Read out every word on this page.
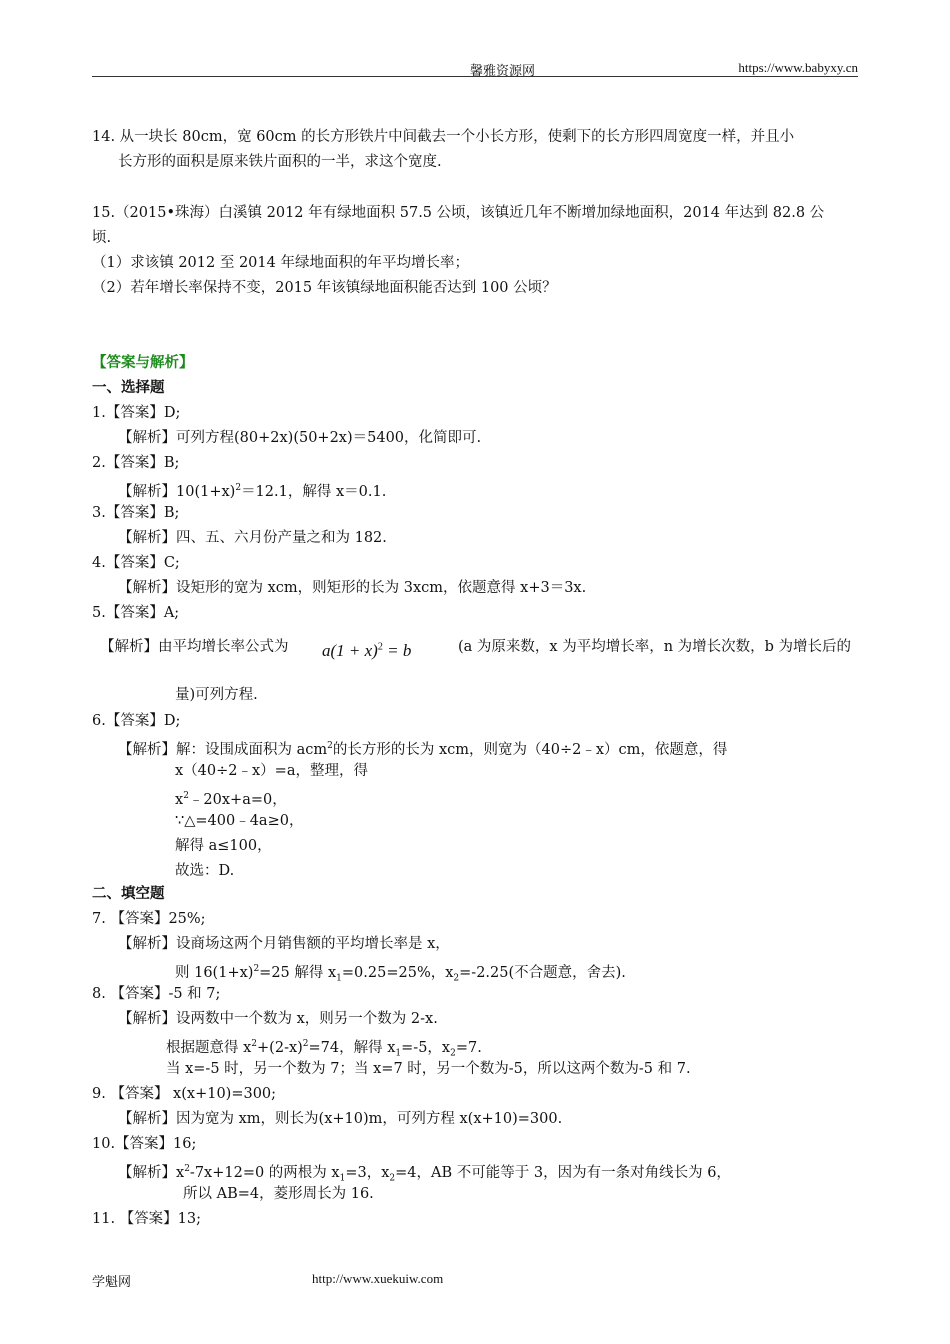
馨雅资源网	https://www.babyxy.cn
14. 从一块长 80cm，宽 60cm 的长方形铁片中间截去一个小长方形，使剩下的长方形四周宽度一样，并且小
长方形的面积是原来铁片面积的一半，求这个宽度.
15.（2015•珠海）白溪镇 2012 年有绿地面积 57.5 公顷，该镇近几年不断增加绿地面积，2014 年达到 82.8 公
顷.
（1）求该镇 2012 至 2014 年绿地面积的年平均增长率；
（2）若年增长率保持不变，2015 年该镇绿地面积能否达到 100 公顷？
【答案与解析】
一、选择题
1.【答案】D;
【解析】可列方程(80+2x)(50+2x)＝5400，化简即可.
2.【答案】B;
【解析】$10(1+x)^2=12.1$，解得 x＝0.1.
3.【答案】B;
【解析】四、五、六月份产量之和为 182.
4.【答案】C;
【解析】设矩形的宽为 xcm，则矩形的长为 3xcm，依题意得 x+3＝3x.
5.【答案】A;
【解析】由平均增长率公式为 $a(1 + x)^2 = b$	(a 为原来数，x 为平均增长率，n 为增长次数，b 为增长后的
量)可列方程.
6.【答案】D;
【解析】解：设围成面积为 acm$^2$的长方形的长为 xcm，则宽为（40÷2﹣x）cm，依题意，得
x（40÷2﹣x）=a，整理，得
$x^2﹣20x+a=0$，
∵△=400﹣4a≥0，
解得 a≤100，
故选：D.
二、填空题
7. 【答案】25%;
【解析】设商场这两个月销售额的平均增长率是 x，
则 $16(1+x)^2=25$ 解得 $x_1=0.25=25\%$，$x_2=-2.25$(不合题意，舍去).
8. 【答案】-5 和 7;
【解析】设两数中一个数为 x，则另一个数为 2-x.
根据题意得 $x^2+(2-x)^2=74$，解得 $x_1=-5$，$x_2=7$.
当 x=-5 时，另一个数为 7；当 x=7 时，另一个数为-5，所以这两个数为-5 和 7.
9. 【答案】 x(x+10)=300;
【解析】因为宽为 xm，则长为(x+10)m，可列方程 x(x+10)=300.
10.【答案】16;
【解析】$x^2-7x+12=0$ 的两根为 $x_1=3$，$x_2=4$，AB 不可能等于 3，因为有一条对角线长为 6，
所以 AB=4，菱形周长为 16.
11. 【答案】13;
学魁网	http://www.xuekuiw.com
